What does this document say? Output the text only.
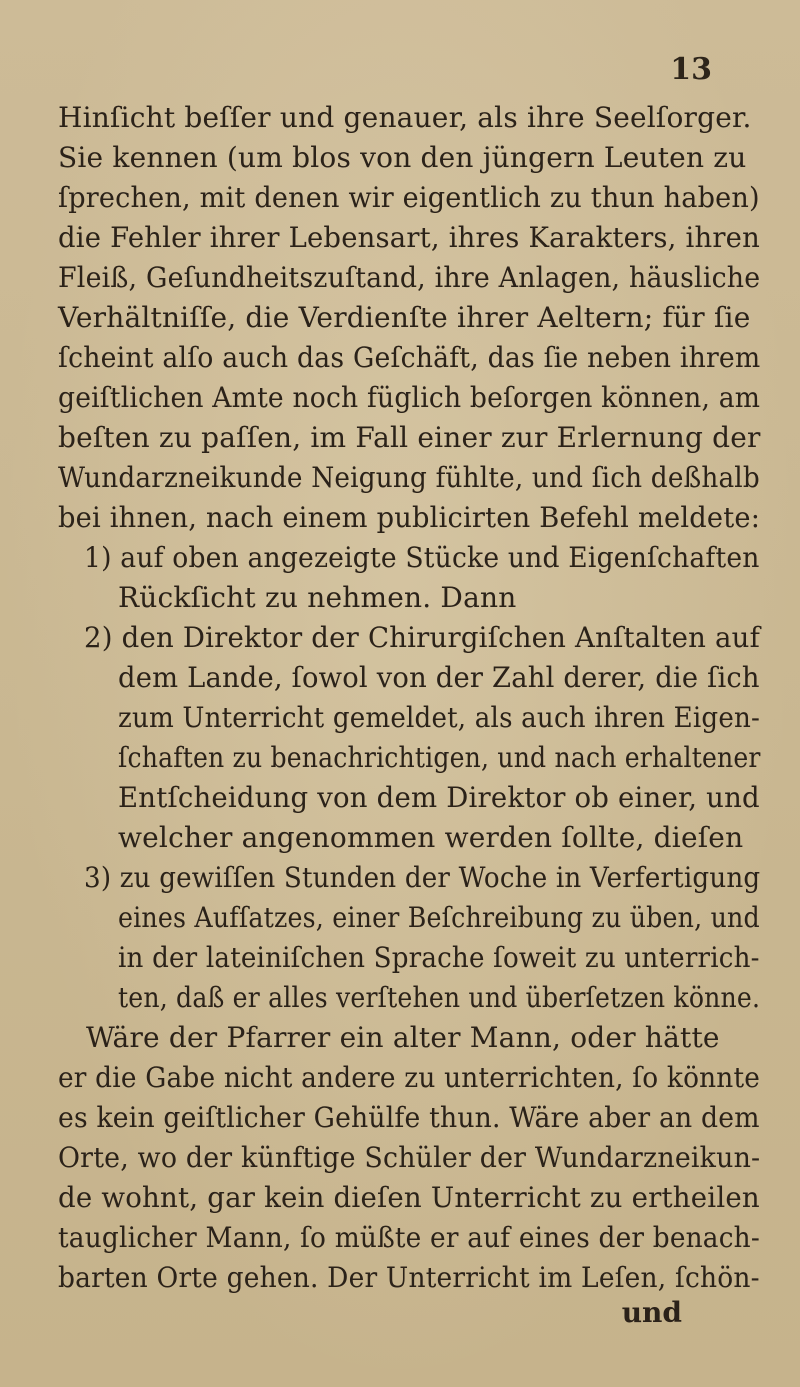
13
Hinſicht beſſer und genauer, als ihre Seelſorger.
Sie kennen (um blos von den jüngern Leuten zu
ſprechen, mit denen wir eigentlich zu thun haben)
die Fehler ihrer Lebensart, ihres Karakters, ihren
Fleiß, Geſundheitszuſtand, ihre Anlagen, häusliche
Verhältniſſe, die Verdienſte ihrer Aeltern; für ſie
ſcheint alſo auch das Geſchäft, das ſie neben ihrem
geiſtlichen Amte noch füglich beſorgen können, am
beſten zu paſſen, im Fall einer zur Erlernung der
Wundarzneikunde Neigung fühlte, und ſich deßhalb
bei ihnen, nach einem publicirten Befehl meldete:
1) auf oben angezeigte Stücke und Eigenſchaften
Rückſicht zu nehmen. Dann
2) den Direktor der Chirurgiſchen Anſtalten auf
dem Lande, ſowol von der Zahl derer, die ſich
zum Unterricht gemeldet, als auch ihren Eigen-
ſchaften zu benachrichtigen, und nach erhaltener
Entſcheidung von dem Direktor ob einer, und
welcher angenommen werden ſollte, dieſen
3) zu gewiſſen Stunden der Woche in Verfertigung
eines Aufſatzes, einer Beſchreibung zu üben, und
in der lateiniſchen Sprache ſoweit zu unterrich-
ten, daß er alles verſtehen und überſetzen könne.
Wäre der Pfarrer ein alter Mann, oder hätte
er die Gabe nicht andere zu unterrichten, ſo könnte
es kein geiſtlicher Gehülfe thun. Wäre aber an dem
Orte, wo der künftige Schüler der Wundarzneikun-
de wohnt, gar kein dieſen Unterricht zu ertheilen
tauglicher Mann, ſo müßte er auf eines der benach-
barten Orte gehen. Der Unterricht im Leſen, ſchön-
und
